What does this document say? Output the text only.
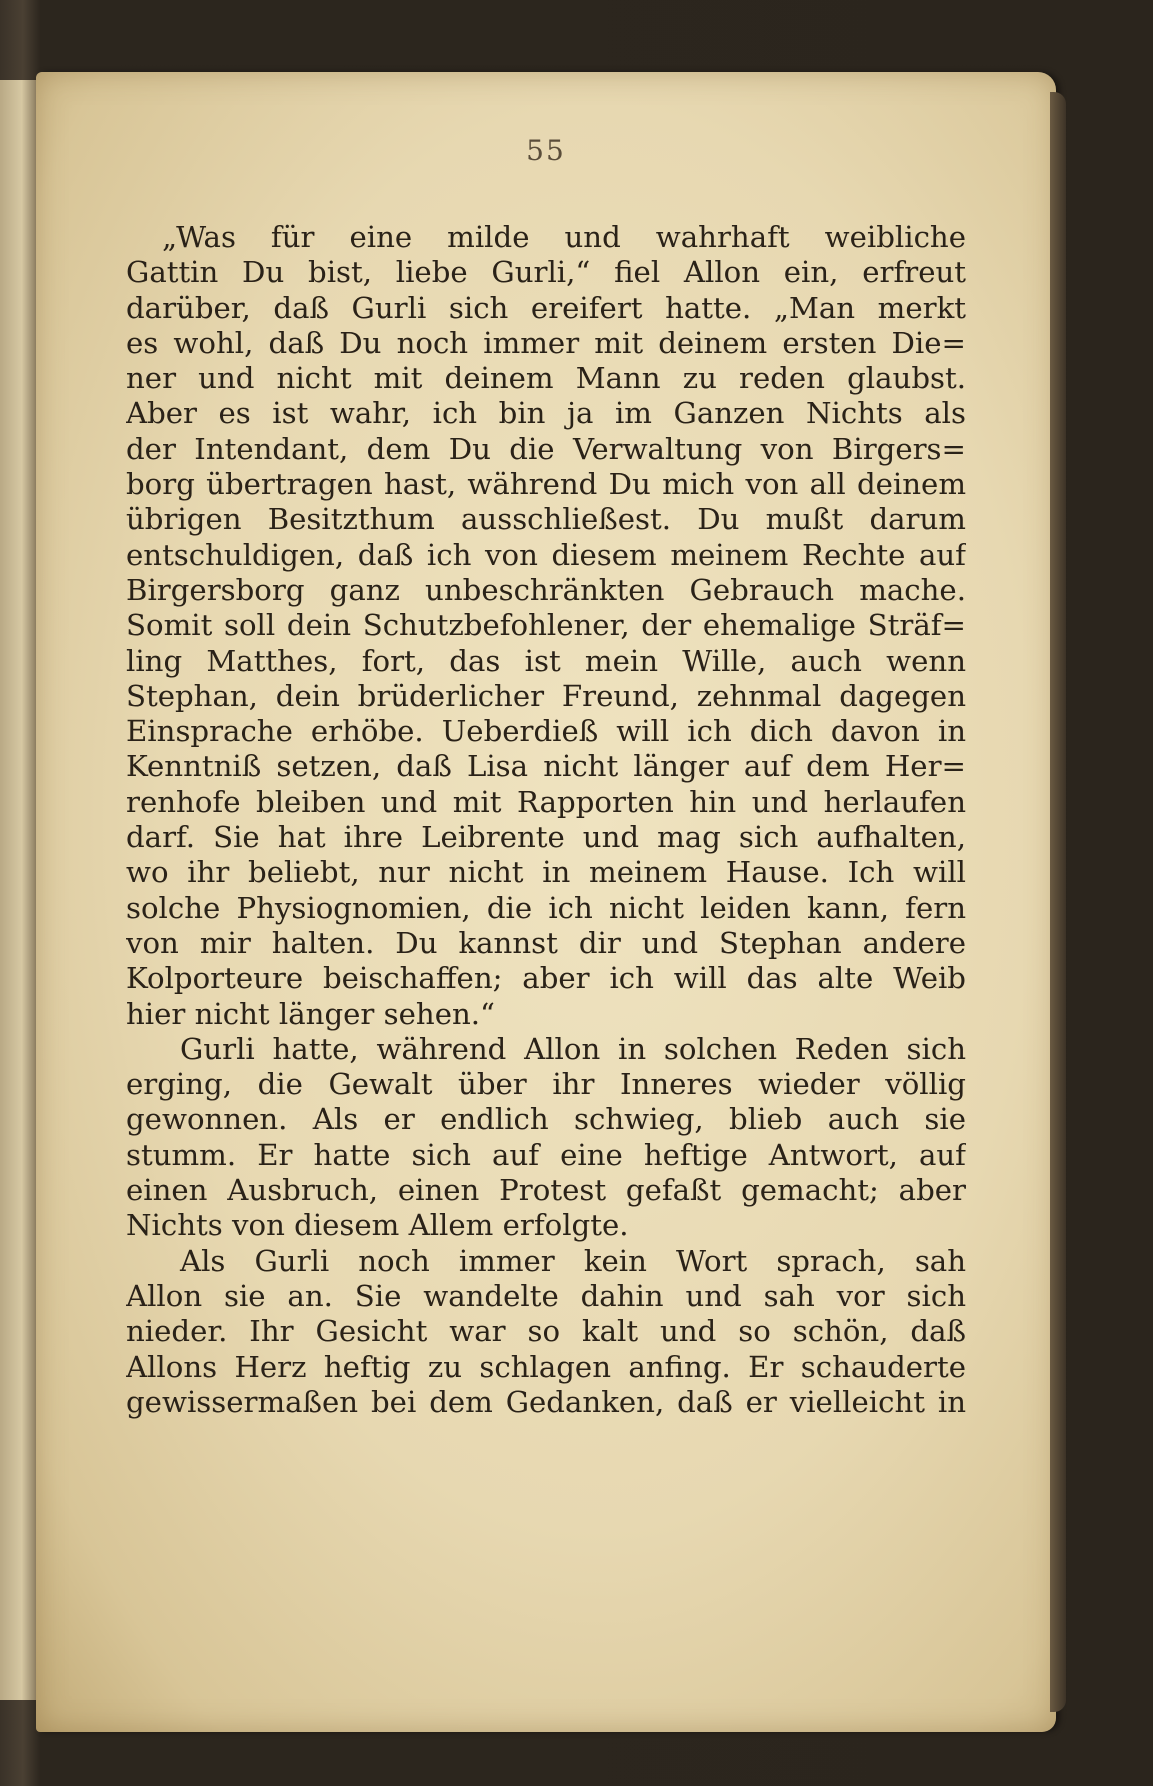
55
„Was für eine milde und wahrhaft weibliche
Gattin Du bist, liebe Gurli,“ fiel Allon ein, erfreut
darüber, daß Gurli sich ereifert hatte. „Man merkt
es wohl, daß Du noch immer mit deinem ersten Die=
ner und nicht mit deinem Mann zu reden glaubst.
Aber es ist wahr, ich bin ja im Ganzen Nichts als
der Intendant, dem Du die Verwaltung von Birgers=
borg übertragen hast, während Du mich von all deinem
übrigen Besitzthum ausschließest. Du mußt darum
entschuldigen, daß ich von diesem meinem Rechte auf
Birgersborg ganz unbeschränkten Gebrauch mache.
Somit soll dein Schutzbefohlener, der ehemalige Sträf=
ling Matthes, fort, das ist mein Wille, auch wenn
Stephan, dein brüderlicher Freund, zehnmal dagegen
Einsprache erhöbe. Ueberdieß will ich dich davon in
Kenntniß setzen, daß Lisa nicht länger auf dem Her=
renhofe bleiben und mit Rapporten hin und herlaufen
darf. Sie hat ihre Leibrente und mag sich aufhalten,
wo ihr beliebt, nur nicht in meinem Hause. Ich will
solche Physiognomien, die ich nicht leiden kann, fern
von mir halten. Du kannst dir und Stephan andere
Kolporteure beischaffen; aber ich will das alte Weib
hier nicht länger sehen.“
Gurli hatte, während Allon in solchen Reden sich
erging, die Gewalt über ihr Inneres wieder völlig
gewonnen. Als er endlich schwieg, blieb auch sie
stumm. Er hatte sich auf eine heftige Antwort, auf
einen Ausbruch, einen Protest gefaßt gemacht; aber
Nichts von diesem Allem erfolgte.
Als Gurli noch immer kein Wort sprach, sah
Allon sie an. Sie wandelte dahin und sah vor sich
nieder. Ihr Gesicht war so kalt und so schön, daß
Allons Herz heftig zu schlagen anfing. Er schauderte
gewissermaßen bei dem Gedanken, daß er vielleicht in
